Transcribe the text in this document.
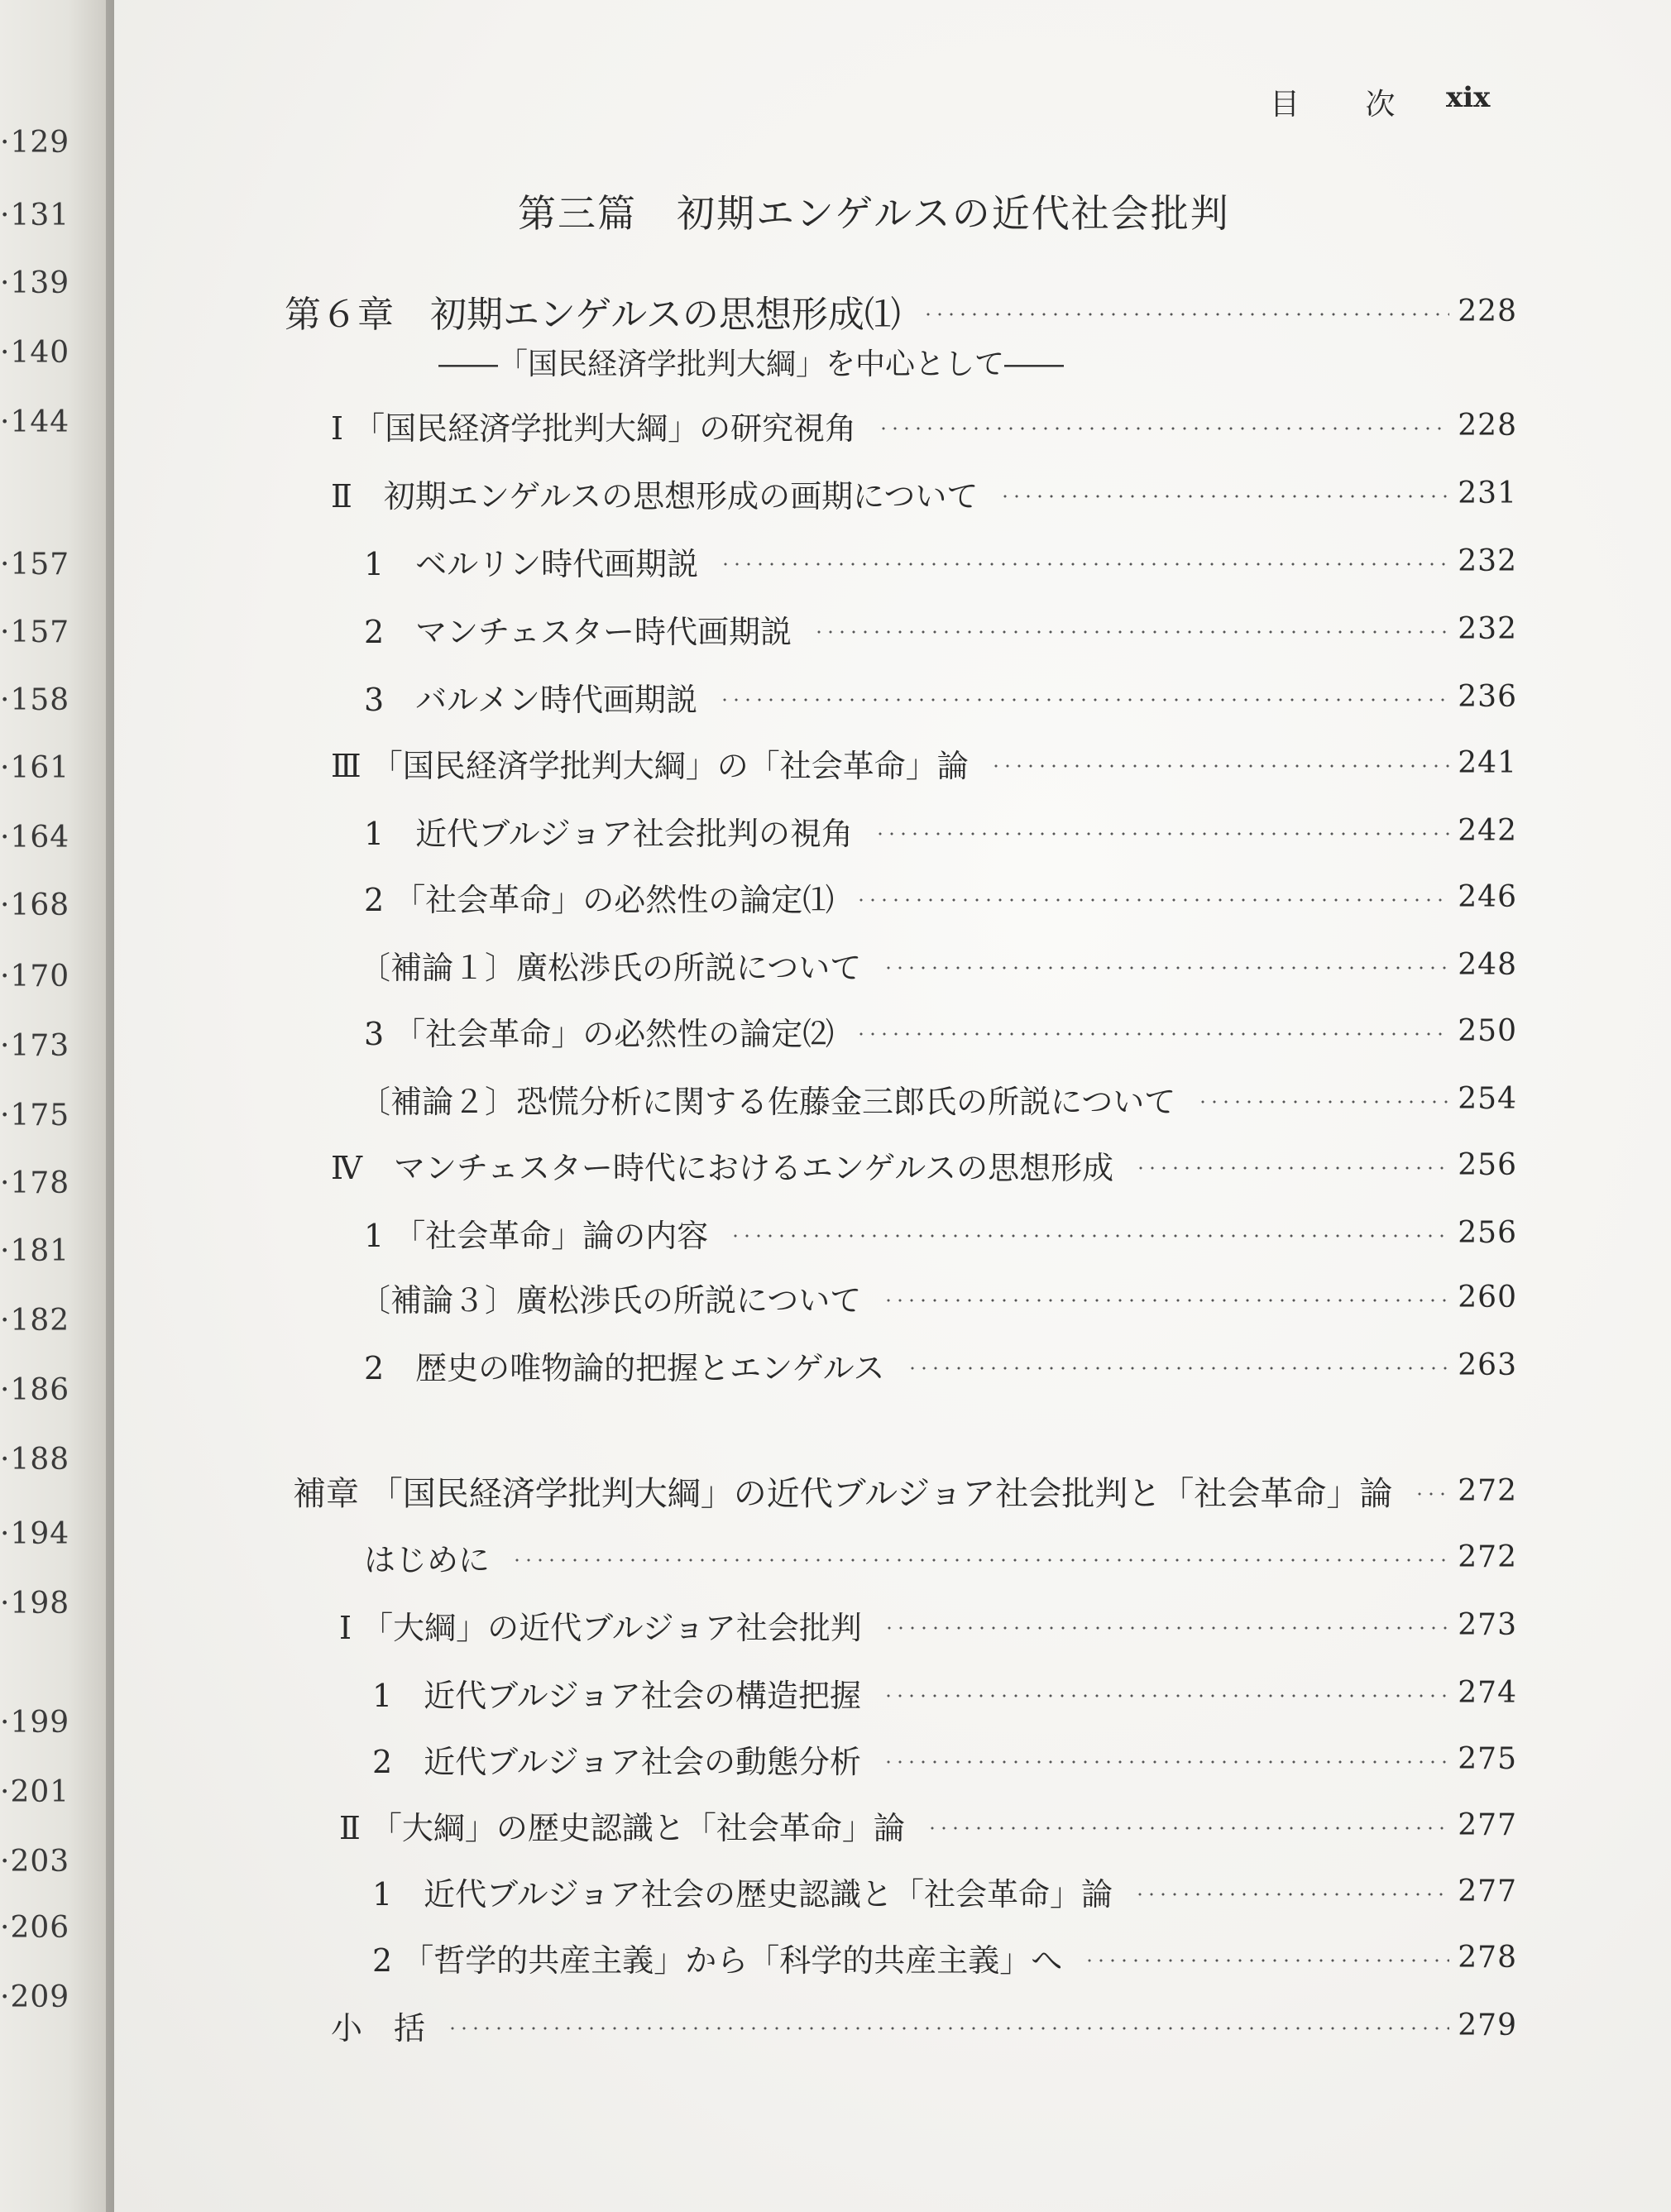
·129
·131
·139
·140
·144
·157
·157
·158
·161
·164
·168
·170
·173
·175
·178
·181
·182
·186
·188
·194
·198
·199
·201
·203
·206
·209
目 次 xix
第三篇　初期エンゲルスの近代社会批判
第６章　初期エンゲルスの思想形成⑴	228
――「国民経済学批判大綱」を中心として――
Ⅰ 「国民経済学批判大綱」の研究視角	228
Ⅱ　初期エンゲルスの思想形成の画期について	231
1　ベルリン時代画期説	232
2　マンチェスター時代画期説	232
3　バルメン時代画期説	236
Ⅲ 「国民経済学批判大綱」の「社会革命」論	241
1　近代ブルジョア社会批判の視角	242
2 「社会革命」の必然性の論定⑴	246
〔補論１〕廣松渉氏の所説について	248
3 「社会革命」の必然性の論定⑵	250
〔補論２〕恐慌分析に関する佐藤金三郎氏の所説について	254
Ⅳ　マンチェスター時代におけるエンゲルスの思想形成	256
1 「社会革命」論の内容	256
〔補論３〕廣松渉氏の所説について	260
2　歴史の唯物論的把握とエンゲルス	263
補章 「国民経済学批判大綱」の近代ブルジョア社会批判と「社会革命」論	272
はじめに	272
Ⅰ 「大綱」の近代ブルジョア社会批判	273
1　近代ブルジョア社会の構造把握	274
2　近代ブルジョア社会の動態分析	275
Ⅱ 「大綱」の歴史認識と「社会革命」論	277
1　近代ブルジョア社会の歴史認識と「社会革命」論	277
2 「哲学的共産主義」から「科学的共産主義」へ	278
小　括	279
